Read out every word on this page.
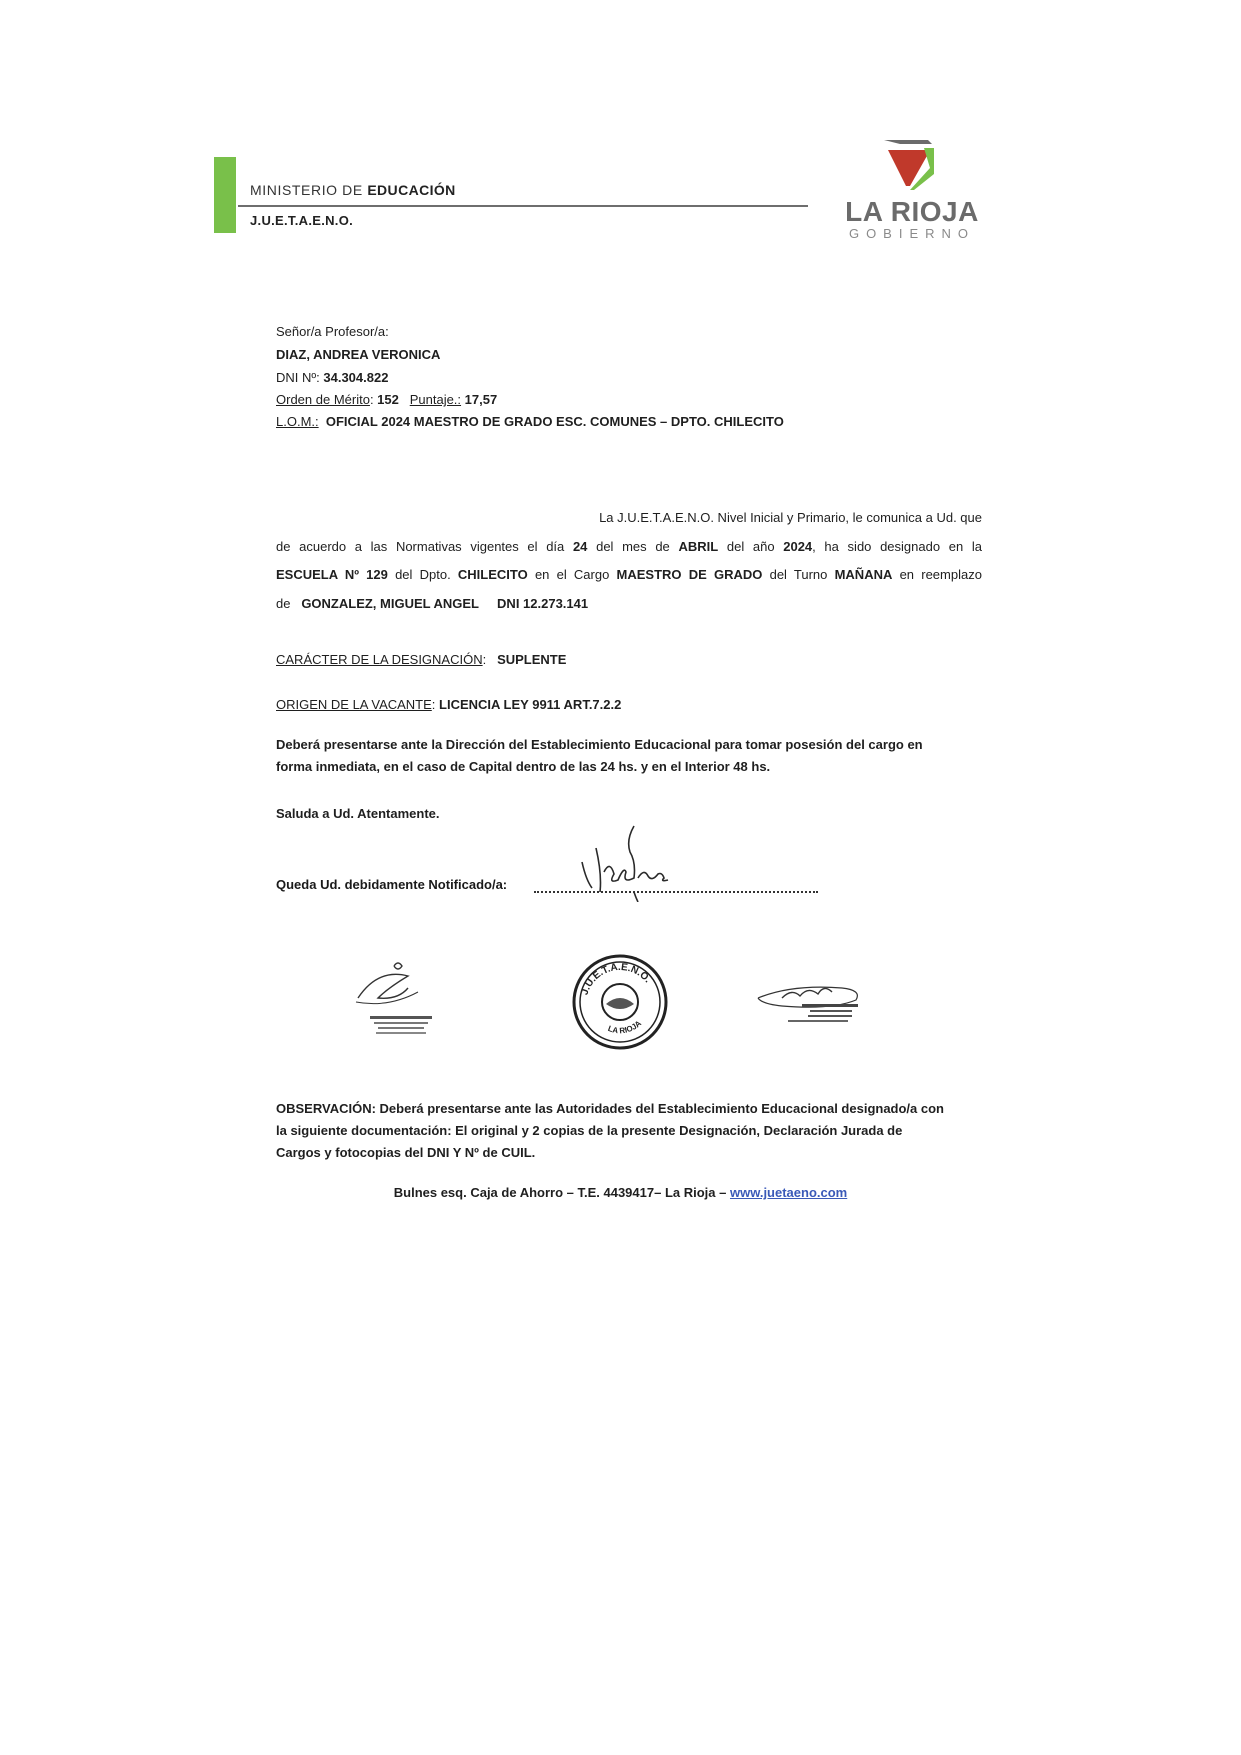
MINISTERIO DE EDUCACIÓN
J.U.E.T.A.E.N.O.	LA RIOJA
GOBIERNO
Señor/a Profesor/a:
DIAZ, ANDREA VERONICA
DNI Nº: 34.304.822
Orden de Mérito: 152 Puntaje.: 17,57
L.O.M.: OFICIAL 2024 MAESTRO DE GRADO ESC. COMUNES – DPTO. CHILECITO
La J.U.E.T.A.E.N.O. Nivel Inicial y Primario, le comunica a Ud. que
de acuerdo a las Normativas vigentes el día 24 del mes de ABRIL del año 2024, ha sido designado en la
ESCUELA Nº 129 del Dpto. CHILECITO en el Cargo MAESTRO DE GRADO del Turno MAÑANA en reemplazo
de GONZALEZ, MIGUEL ANGEL DNI 12.273.141
CARÁCTER DE LA DESIGNACIÓN:   SUPLENTE
ORIGEN DE LA VACANTE: LICENCIA LEY 9911 ART.7.2.2
Deberá presentarse ante la Dirección del Establecimiento Educacional para tomar posesión del cargo en
forma inmediata, en el caso de Capital dentro de las 24 hs. y en el Interior 48 hs.
Saluda a Ud. Atentamente.
Queda Ud. debidamente Notificado/a:
J.U.E.T.A.E.N.O.
LA RIOJA
OBSERVACIÓN: Deberá presentarse ante las Autoridades del Establecimiento Educacional designado/a con
la siguiente documentación: El original y 2 copias de la presente Designación, Declaración Jurada de
Cargos y fotocopias del DNI Y Nº de CUIL.
Bulnes esq. Caja de Ahorro – T.E. 4439417– La Rioja – www.juetaeno.com
